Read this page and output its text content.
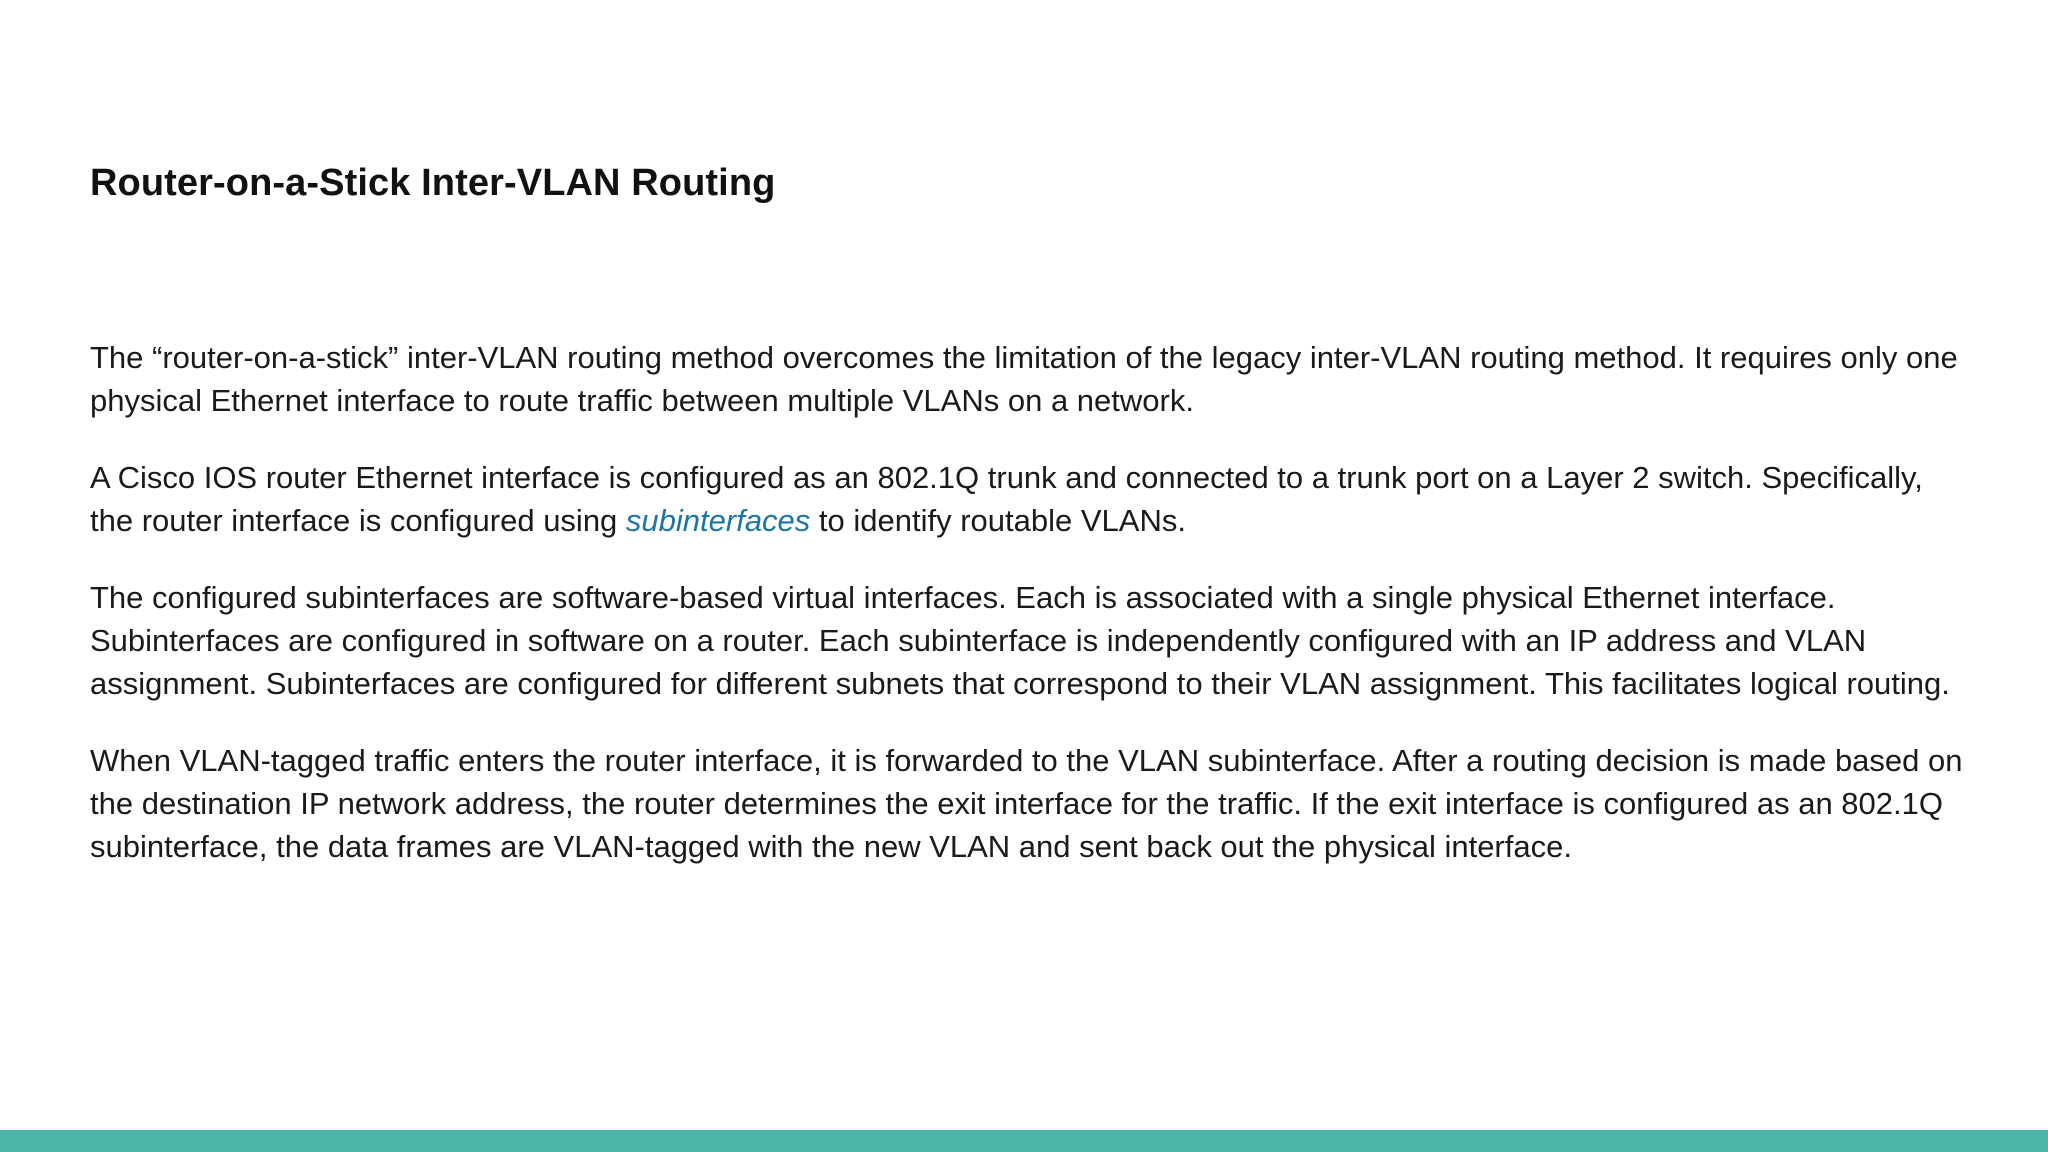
Router-on-a-Stick Inter-VLAN Routing

The “router-on-a-stick” inter-VLAN routing method overcomes the limitation of the legacy inter-VLAN routing method. It requires only one physical Ethernet interface to route traffic between multiple VLANs on a network.

A Cisco IOS router Ethernet interface is configured as an 802.1Q trunk and connected to a trunk port on a Layer 2 switch. Specifically, the router interface is configured using subinterfaces to identify routable VLANs.

The configured subinterfaces are software-based virtual interfaces. Each is associated with a single physical Ethernet interface. Subinterfaces are configured in software on a router. Each subinterface is independently configured with an IP address and VLAN assignment. Subinterfaces are configured for different subnets that correspond to their VLAN assignment. This facilitates logical routing.

When VLAN-tagged traffic enters the router interface, it is forwarded to the VLAN subinterface. After a routing decision is made based on the destination IP network address, the router determines the exit interface for the traffic. If the exit interface is configured as an 802.1Q subinterface, the data frames are VLAN-tagged with the new VLAN and sent back out the physical interface.
